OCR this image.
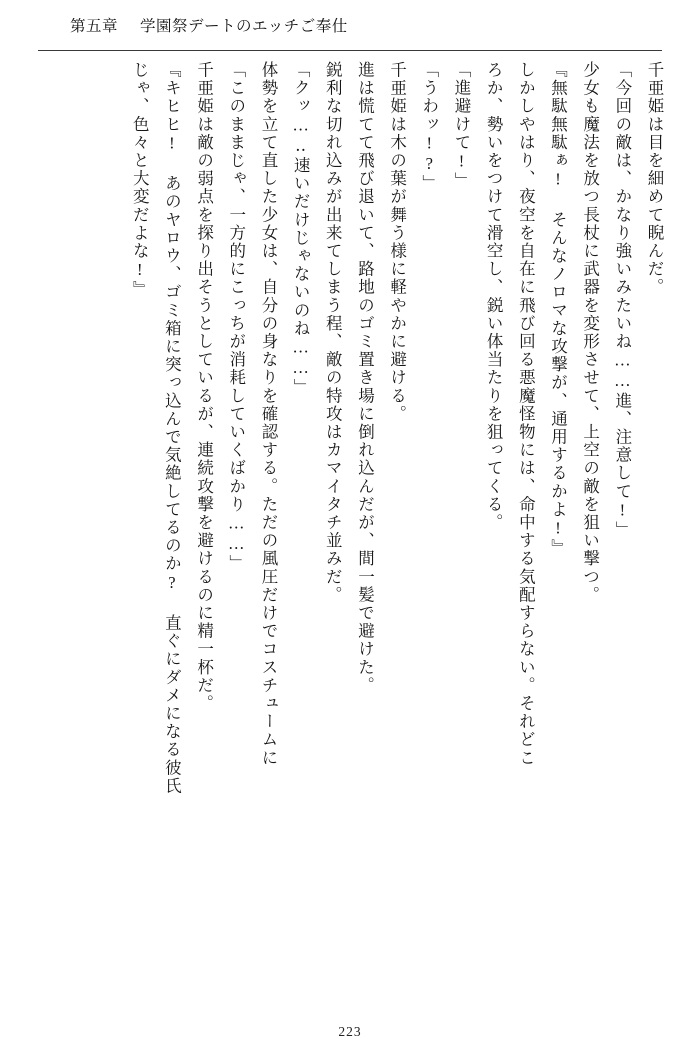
第五章 学園祭デートのエッチご奉仕

千亜姫は目を細めて睨んだ。

「今回の敵は、かなり強いみたいね……進、注意して!」

少女も魔法を放つ長杖に武器を変形させて、上空の敵を狙い撃つ。

『無駄無駄ぁ! そんなノロマな攻撃が、通用するかよ!』

しかしやはり、夜空を自在に飛び回る悪魔怪物には、命中する気配すらない。それどこ

ろか、勢いをつけて滑空し、鋭い体当たりを狙ってくる。

「進避けて!」

「うわッ!?」

千亜姫は木の葉が舞う様に軽やかに避ける。

進は慌てて飛び退いて、路地のゴミ置き場に倒れ込んだが、間一髪で避けた。

鋭利な切れ込みが出来てしまう程、敵の特攻はカマイタチ並みだ。

「クッ…‥速いだけじゃないのね……」

体勢を立て直した少女は、自分の身なりを確認する。ただの風圧だけでコスチュームに

「このままじゃ、一方的にこっちが消耗していくばかり……」

千亜姫は敵の弱点を探り出そうとしているが、連続攻撃を避けるのに精一杯だ。

『キヒヒ! あのヤロウ、ゴミ箱に突っ込んで気絶してるのか? 直ぐにダメになる彼氏

じゃ、色々と大変だよな!』

223
